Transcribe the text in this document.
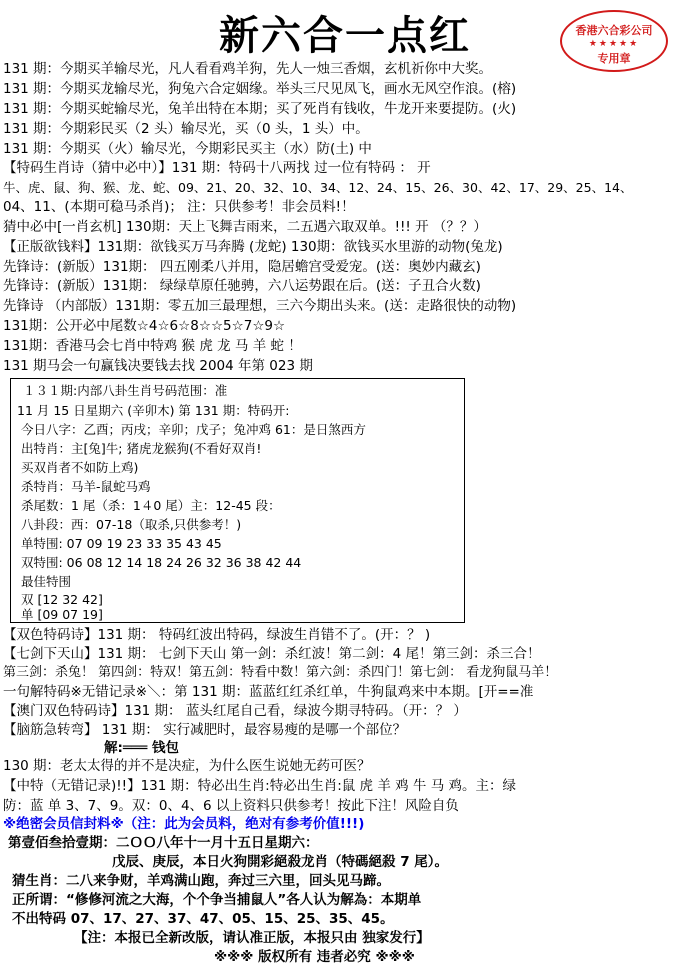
新六合一点红	香港六合彩公司
★★★★★
专用章
131 期：今期买羊输尽光，凡人看看鸡羊狗，先人一烛三香烟，玄机祈你中大奖。
131 期：今期买龙输尽光，狗兔六合定姻缘。举头三尺见凤飞，画水无风空作浪。(榕)
131 期：今期买蛇输尽光，兔羊出特在本期；买了死肖有钱收，牛龙开来要提防。(火)
131 期：今期彩民买（2 头）输尽光，买（0 头，1 头）中。
131 期：今期买（火）输尽光，今期彩民买主（水）防(土) 中
【特码生肖诗（猜中必中）】131 期：特码十八两找 过一位有特码 ： 开
牛、虎、鼠、狗、猴、龙、蛇、09、21、20、32、10、34、12、24、15、26、30、42、17、29、25、14、
04、11、(本期可稳马杀肖)； 注：只供参考！非会员料!！
猜中必中[一肖玄机] 130期：天上飞舞吉雨来，二五遇六取双单。!!! 开 （？？）
【正版欲钱料】131期：欲钱买万马奔腾 (龙蛇) 130期：欲钱买水里游的动物(兔龙)
先锋诗：(新版）131期： 四五刚柔八并用，隐居蟾宫受爱宠。(送：奥妙内藏玄)
先锋诗：(新版）131期： 绿绿草原任驰骋，六八运势跟在后。(送：子丑合火数)
先锋诗 （内部版）131期：零五加三最理想，三六今期出头来。(送：走路很快的动物)
131期：公开必中尾数☆4☆6☆8☆☆5☆7☆9☆
131期：香港马会七肖中特鸡 猴 虎 龙 马 羊 蛇 ！
131 期马会一句赢钱决要钱去找 2004 年第 023 期
１３１期:内部八卦生肖号码范围：准
11 月 15 日星期六 (辛卯木) 第 131 期：特码开:
今日八字：乙酉；丙戌；辛卯；戊子；兔冲鸡 61：是日煞西方
出特肖：主[兔]牛; 猪虎龙猴狗(不看好双肖!
买双肖者不如防上鸡)
杀特肖：马羊-鼠蛇马鸡
杀尾数：1 尾（杀：1４0 尾）主：12-45 段：
八卦段：西：07-18（取杀,只供参考！)
单特围: 07 09 19 23 33 35 43 45
双特围: 06 08 12 14 18 24 26 32 36 38 42 44
最佳特围
双 [12 32 42]
单 [09 07 19]
【双色特码诗】131 期： 特码红波出特码，绿波生肖错不了。(开：？ )
【七剑下天山】131 期： 七剑下天山 第一剑：杀红波！第二剑：4 尾！第三剑：杀三合！
第三剑：杀兔！ 第四剑：特双！第五剑：特看中数！第六剑：杀四门！第七剑： 看龙狗鼠马羊！
一句解特码※无错记录※＼：第 131 期：蓝蓝红红杀红单，牛狗鼠鸡来中本期。[开==准
【澳门双色特码诗】131 期： 蓝头红尾自己看，绿波今期寻特码。（开：？ ）
【脑筋急转弯】 131 期： 实行减肥时，最容易瘦的是哪一个部位？
解:═══ 钱包
130 期：老太太得的并不是决症，为什么医生说她无药可医？
【中特（无错记录)!!】131 期：特必出生肖:特必出生肖:鼠 虎 羊 鸡 牛 马 鸡。主：绿
防：蓝 单 3、7、9。双：0、4、6 以上资料只供参考！按此下注！风险自负
※绝密会员信封料※（注：此为会员料，绝对有参考价值!!!)
第壹佰叁拾壹期：二ＯＯ八年十一月十五日星期六：
戊辰、庚辰，本日火狗開彩絕殺龙肖（特碼絕殺 7 尾）。
猜生肖：二八来争财，羊鸡满山跑，奔过三六里，回头见马蹄。
正所谓：“修修河流之大海，个个争当捕鼠人”各人认为解為：本期单
不出特码 07、17、27、37、47、05、15、25、35、45。
【注：本报已全新改版，请认准正版，本报只由 独家发行】
※※※ 版权所有 违者必究 ※※※
